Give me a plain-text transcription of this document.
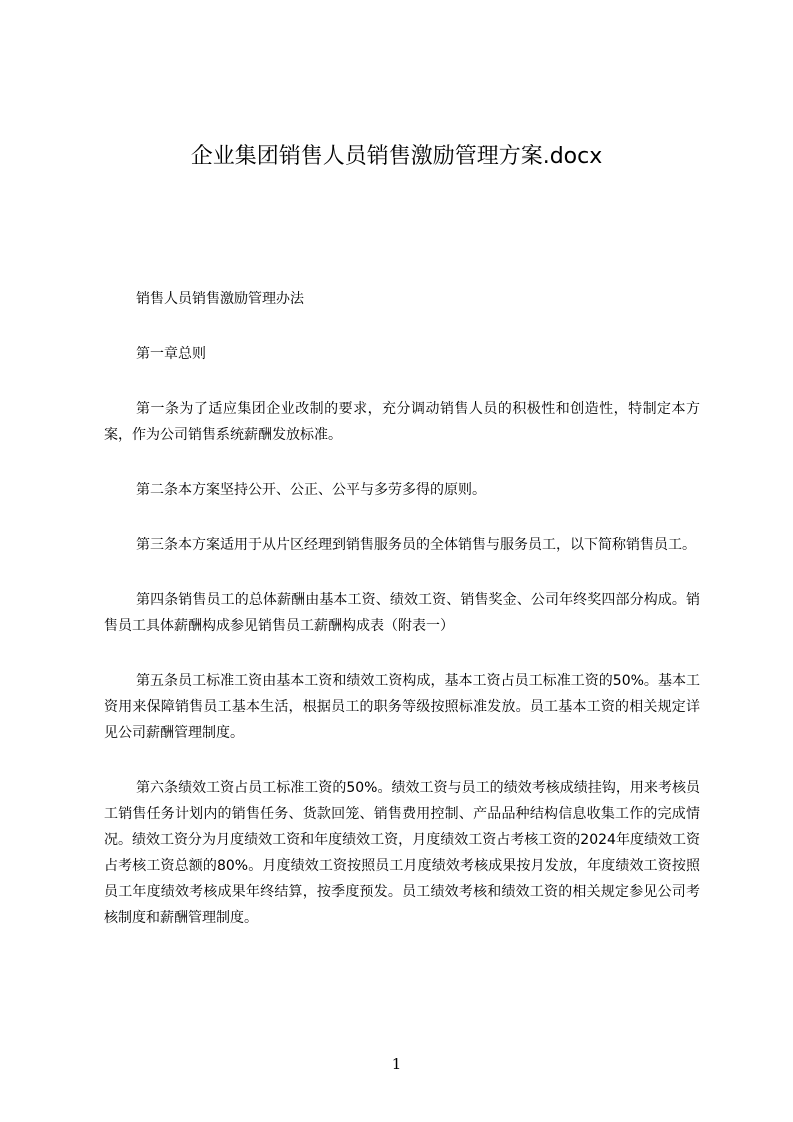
企业集团销售人员销售激励管理方案.docx

销售人员销售激励管理办法

第一章总则

第一条为了适应集团企业改制的要求，充分调动销售人员的积极性和创造性，特制定本方案，作为公司销售系统薪酬发放标准。

第二条本方案坚持公开、公正、公平与多劳多得的原则。

第三条本方案适用于从片区经理到销售服务员的全体销售与服务员工，以下简称销售员工。

第四条销售员工的总体薪酬由基本工资、绩效工资、销售奖金、公司年终奖四部分构成。销售员工具体薪酬构成参见销售员工薪酬构成表（附表一）

第五条员工标准工资由基本工资和绩效工资构成，基本工资占员工标准工资的50%。基本工资用来保障销售员工基本生活，根据员工的职务等级按照标准发放。员工基本工资的相关规定详见公司薪酬管理制度。

第六条绩效工资占员工标准工资的50%。绩效工资与员工的绩效考核成绩挂钩，用来考核员工销售任务计划内的销售任务、货款回笼、销售费用控制、产品品种结构信息收集工作的完成情况。绩效工资分为月度绩效工资和年度绩效工资，月度绩效工资占考核工资的2024年度绩效工资占考核工资总额的80%。月度绩效工资按照员工月度绩效考核成果按月发放，年度绩效工资按照员工年度绩效考核成果年终结算，按季度预发。员工绩效考核和绩效工资的相关规定参见公司考核制度和薪酬管理制度。

1
